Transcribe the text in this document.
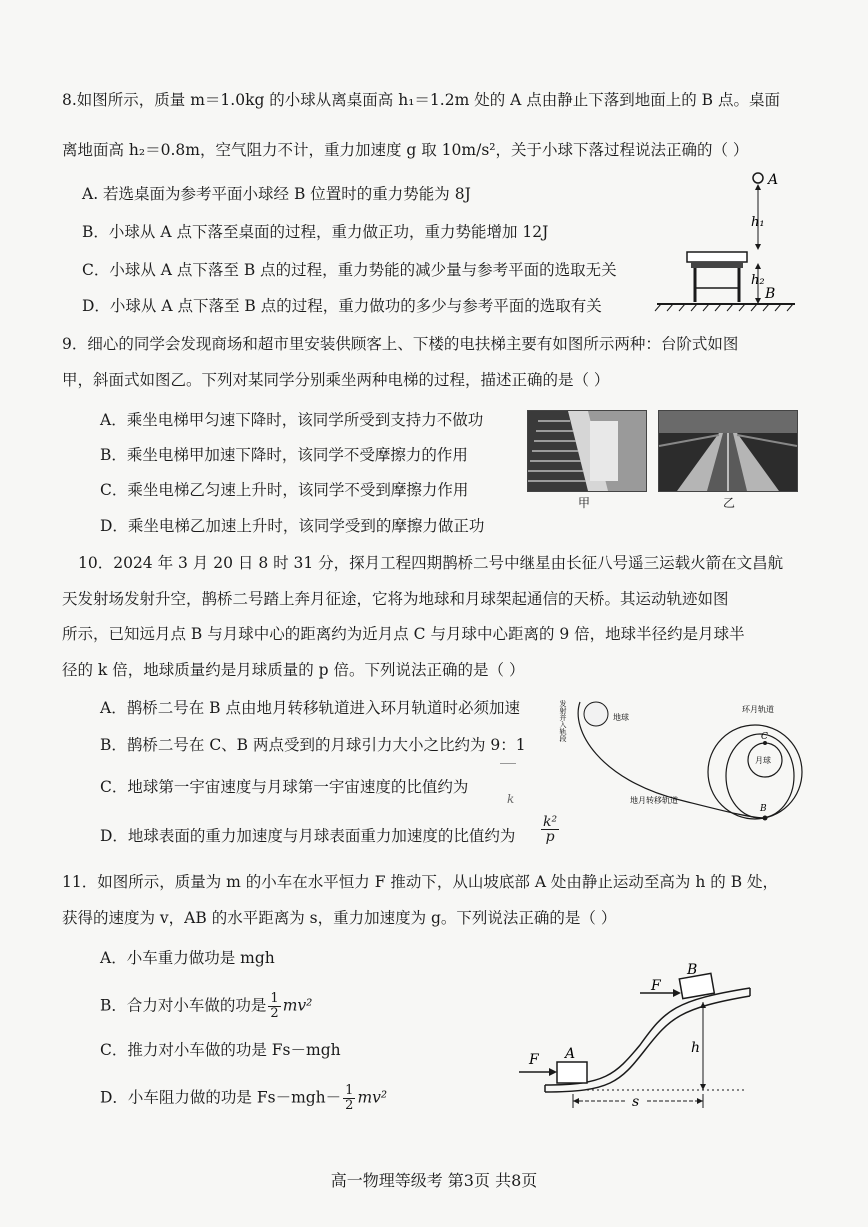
8.如图所示，质量 m＝1.0kg 的小球从离桌面高 h₁＝1.2m 处的 A 点由静止下落到地面上的 B 点。桌面
离地面高 h₂＝0.8m，空气阻力不计，重力加速度 g 取 10m/s²，关于小球下落过程说法正确的（ ）
A. 若选桌面为参考平面小球经 B 位置时的重力势能为 8J
B．小球从 A 点下落至桌面的过程，重力做正功，重力势能增加 12J
C．小球从 A 点下落至 B 点的过程，重力势能的减少量与参考平面的选取无关
D．小球从 A 点下落至 B 点的过程，重力做功的多少与参考平面的选取有关
A
h₁
h₂
B
9．细心的同学会发现商场和超市里安装供顾客上、下楼的电扶梯主要有如图所示两种：台阶式如图
甲，斜面式如图乙。下列对某同学分别乘坐两种电梯的过程，描述正确的是（ ）
A．乘坐电梯甲匀速下降时，该同学所受到支持力不做功
B．乘坐电梯甲加速下降时，该同学不受摩擦力的作用
C．乘坐电梯乙匀速上升时，该同学不受到摩擦力作用
D．乘坐电梯乙加速上升时，该同学受到的摩擦力做正功
甲	乙
10．2024 年 3 月 20 日 8 时 31 分，探月工程四期鹊桥二号中继星由长征八号遥三运载火箭在文昌航
天发射场发射升空，鹊桥二号踏上奔月征途，它将为地球和月球架起通信的天桥。其运动轨迹如图
所示，已知远月点 B 与月球中心的距离约为近月点 C 与月球中心距离的 9 倍，地球半径约是月球半
径的 k 倍，地球质量约是月球质量的 p 倍。下列说法正确的是（ ）
A．鹊桥二号在 B 点由地月转移轨道进入环月轨道时必须加速
B．鹊桥二号在 C、B 两点受到的月球引力大小之比约为 9：1
C．地球第一宇宙速度与月球第一宇宙速度的比值约为
k
D．地球表面的重力加速度与月球表面重力加速度的比值约为 $\frac{\text{k²}}{p}$
发射并入轨段	地球
环月轨道
月球
C
地月转移轨道
B
11．如图所示，质量为 m 的小车在水平恒力 F 推动下，从山坡底部 A 处由静止运动至高为 h 的 B 处，
获得的速度为 v，AB 的水平距离为 s，重力加速度为 g。下列说法正确的是（ ）
A．小车重力做功是 mgh
B．合力对小车做的功是 $\frac{1}{2} mv^2$
C．推力对小车做的功是 Fs－mgh
D．小车阻力做的功是 $Fs-mgh- \frac{1}{2} mv^2$
F
B
h
F A
s
高一物理等级考 第3页 共8页
